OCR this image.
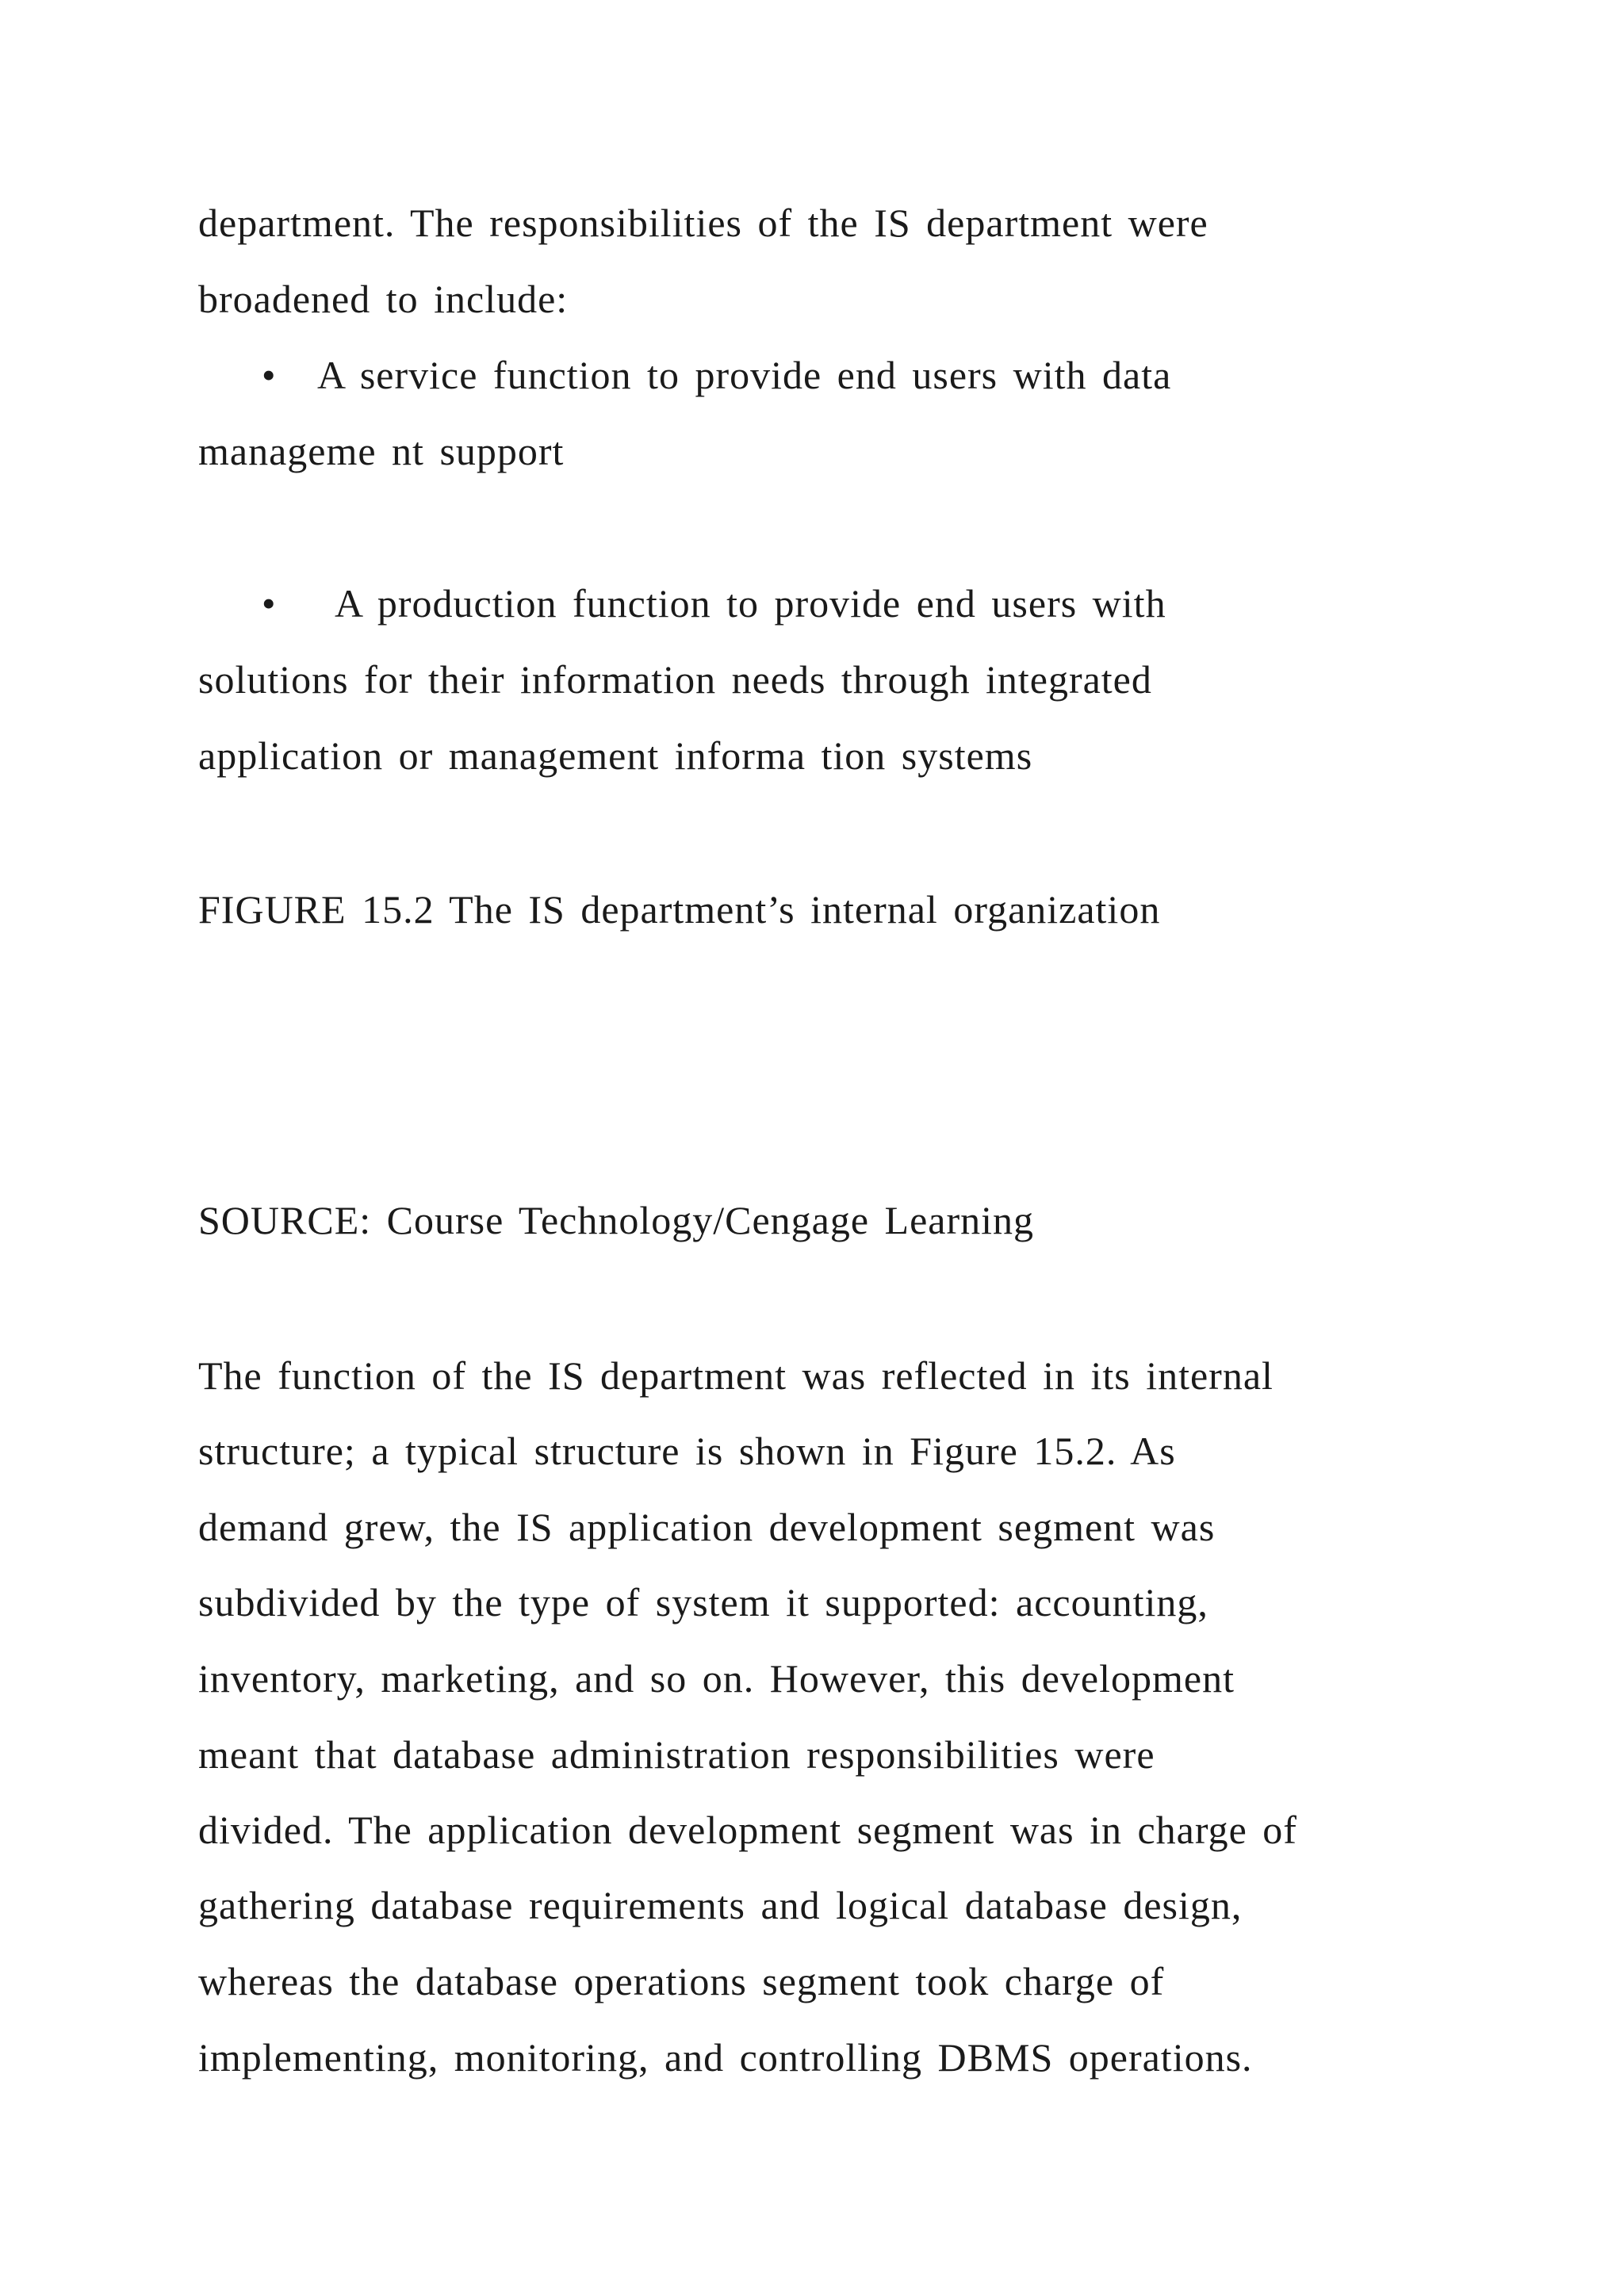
department. The responsibilities of the IS department were
broadened to include:
• A service function to provide end users with data
manageme nt support
• A production function to provide end users with
solutions for their information needs through integrated
application or management informa tion systems
FIGURE 15.2 The IS department’s internal organization
SOURCE: Course Technology/Cengage Learning
The function of the IS department was reflected in its internal
structure; a typical structure is shown in Figure 15.2. As
demand grew, the IS application development segment was
subdivided by the type of system it supported: accounting,
inventory, marketing, and so on. However, this development
meant that database administration responsibilities were
divided. The application development segment was in charge of
gathering database requirements and logical database design,
whereas the database operations segment took charge of
implementing, monitoring, and controlling DBMS operations.
